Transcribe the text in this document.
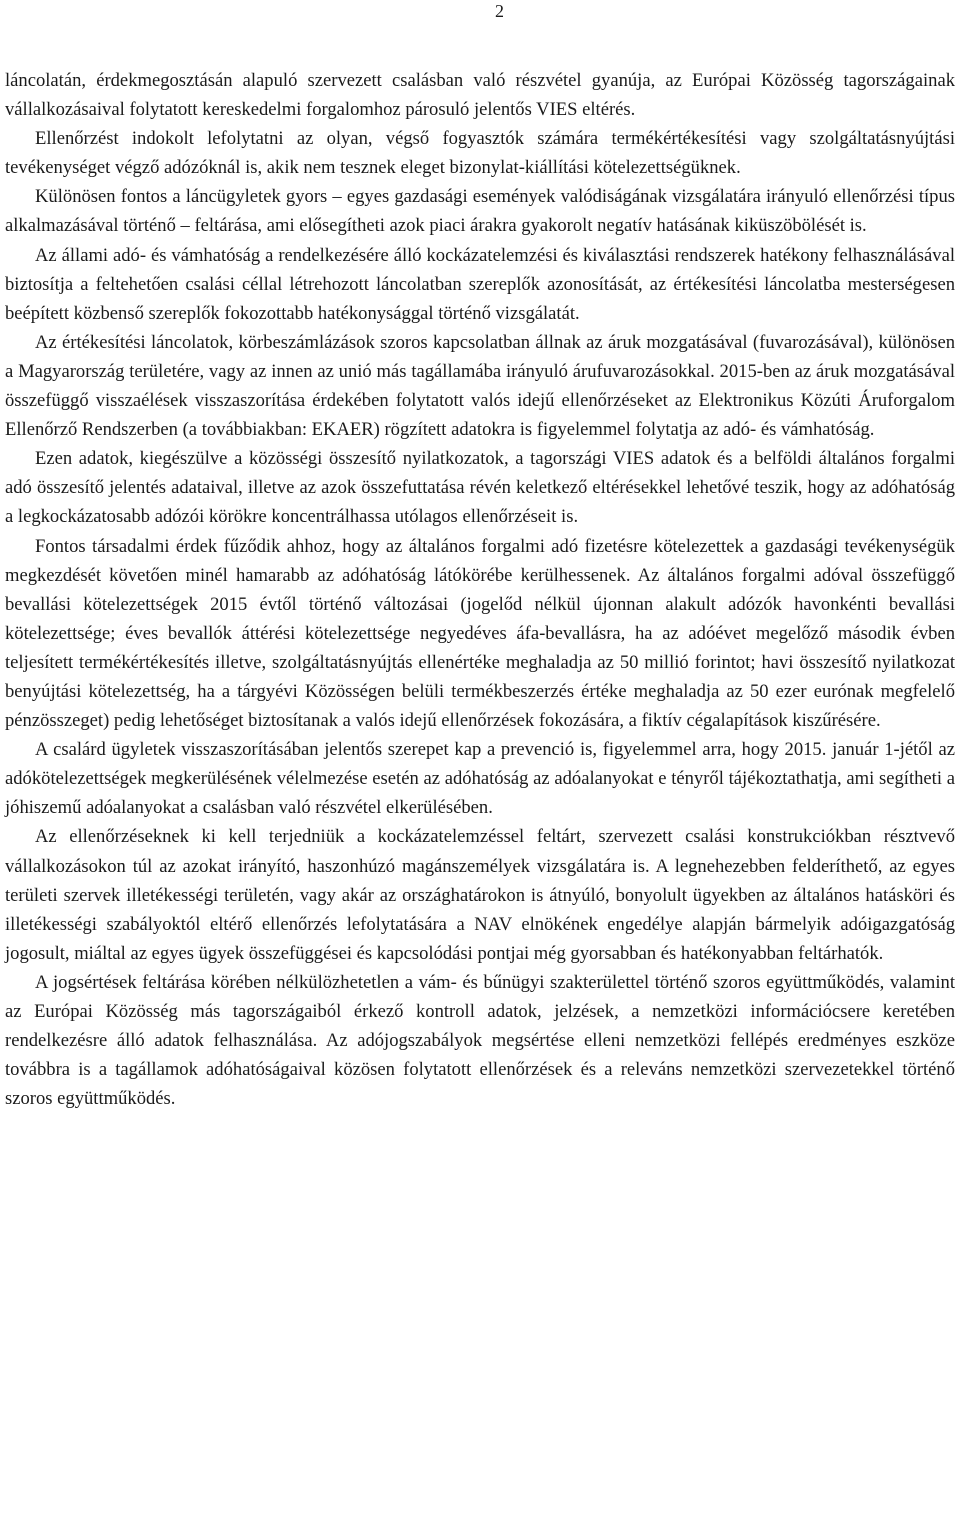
2

láncolatán, érdekmegosztásán alapuló szervezett csalásban való részvétel gyanúja, az Európai Közösség tagországainak vállalkozásaival folytatott kereskedelmi forgalomhoz párosuló jelentős VIES eltérés.

Ellenőrzést indokolt lefolytatni az olyan, végső fogyasztók számára termékértékesítési vagy szolgáltatásnyújtási tevékenységet végző adózóknál is, akik nem tesznek eleget bizonylat-kiállítási kötelezettségüknek.

Különösen fontos a láncügyletek gyors – egyes gazdasági események valódiságának vizsgálatára irányuló ellenőrzési típus alkalmazásával történő – feltárása, ami elősegítheti azok piaci árakra gyakorolt negatív hatásának kiküszöbölését is.

Az állami adó- és vámhatóság a rendelkezésére álló kockázatelemzési és kiválasztási rendszerek hatékony felhasználásával biztosítja a feltehetően csalási céllal létrehozott láncolatban szereplők azonosítását, az értékesítési láncolatba mesterségesen beépített közbenső szereplők fokozottabb hatékonysággal történő vizsgálatát.

Az értékesítési láncolatok, körbeszámlázások szoros kapcsolatban állnak az áruk mozgatásával (fuvarozásával), különösen a Magyarország területére, vagy az innen az unió más tagállamába irányuló árufuvarozásokkal. 2015-ben az áruk mozgatásával összefüggő visszaélések visszaszorítása érdekében folytatott valós idejű ellenőrzéseket az Elektronikus Közúti Áruforgalom Ellenőrző Rendszerben (a továbbiakban: EKAER) rögzített adatokra is figyelemmel folytatja az adó- és vámhatóság.

Ezen adatok, kiegészülve a közösségi összesítő nyilatkozatok, a tagországi VIES adatok és a belföldi általános forgalmi adó összesítő jelentés adataival, illetve az azok összefuttatása révén keletkező eltérésekkel lehetővé teszik, hogy az adóhatóság a legkockázatosabb adózói körökre koncentrálhassa utólagos ellenőrzéseit is.

Fontos társadalmi érdek fűződik ahhoz, hogy az általános forgalmi adó fizetésre kötelezettek a gazdasági tevékenységük megkezdését követően minél hamarabb az adóhatóság látókörébe kerülhessenek. Az általános forgalmi adóval összefüggő bevallási kötelezettségek 2015 évtől történő változásai (jogelőd nélkül újonnan alakult adózók havonkénti bevallási kötelezettsége; éves bevallók áttérési kötelezettsége negyedéves áfa-bevallásra, ha az adóévet megelőző második évben teljesített termékértékesítés illetve, szolgáltatásnyújtás ellenértéke meghaladja az 50 millió forintot; havi összesítő nyilatkozat benyújtási kötelezettség, ha a tárgyévi Közösségen belüli termékbeszerzés értéke meghaladja az 50 ezer eurónak megfelelő pénzösszeget) pedig lehetőséget biztosítanak a valós idejű ellenőrzések fokozására, a fiktív cégalapítások kiszűrésére.

A csalárd ügyletek visszaszorításában jelentős szerepet kap a prevenció is, figyelemmel arra, hogy 2015. január 1-jétől az adókötelezettségek megkerülésének vélelmezése esetén az adóhatóság az adóalanyokat e tényről tájékoztathatja, ami segítheti a jóhiszemű adóalanyokat a csalásban való részvétel elkerülésében.

Az ellenőrzéseknek ki kell terjedniük a kockázatelemzéssel feltárt, szervezett csalási konstrukciókban résztvevő vállalkozásokon túl az azokat irányító, haszonhúzó magánszemélyek vizsgálatára is. A legnehezebben felderíthető, az egyes területi szervek illetékességi területén, vagy akár az országhatárokon is átnyúló, bonyolult ügyekben az általános hatásköri és illetékességi szabályoktól eltérő ellenőrzés lefolytatására a NAV elnökének engedélye alapján bármelyik adóigazgatóság jogosult, miáltal az egyes ügyek összefüggései és kapcsolódási pontjai még gyorsabban és hatékonyabban feltárhatók.

A jogsértések feltárása körében nélkülözhetetlen a vám- és bűnügyi szakterülettel történő szoros együttműködés, valamint az Európai Közösség más tagországaiból érkező kontroll adatok, jelzések, a nemzetközi információcsere keretében rendelkezésre álló adatok felhasználása. Az adójogszabályok megsértése elleni nemzetközi fellépés eredményes eszköze továbbra is a tagállamok adóhatóságaival közösen folytatott ellenőrzések és a releváns nemzetközi szervezetekkel történő szoros együttműködés.
